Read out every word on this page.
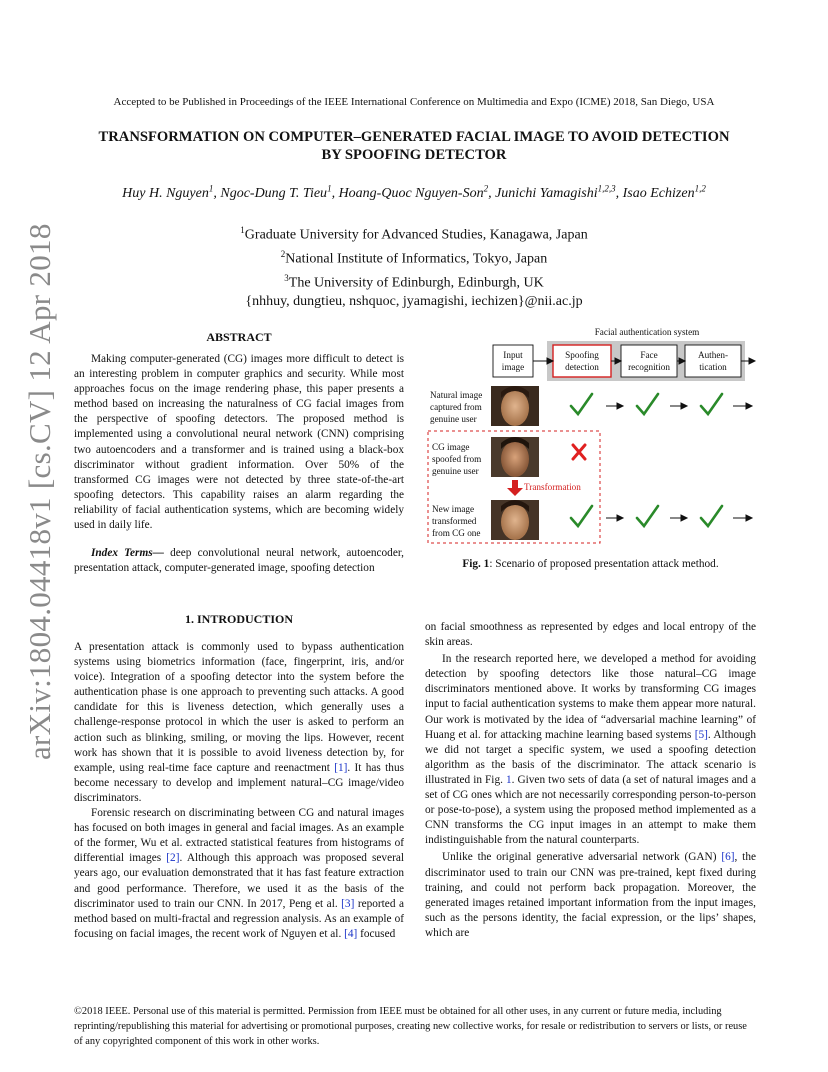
arXiv:1804.04418v1 [cs.CV] 12 Apr 2018
Accepted to be Published in Proceedings of the IEEE International Conference on Multimedia and Expo (ICME) 2018, San Diego, USA
TRANSFORMATION ON COMPUTER–GENERATED FACIAL IMAGE TO AVOID DETECTION
BY SPOOFING DETECTOR
Huy H. Nguyen$^1$, Ngoc-Dung T. Tieu$^1$, Hoang-Quoc Nguyen-Son$^2$, Junichi Yamagishi$^{1,2,3}$, Isao Echizen$^{1,2}$
$^1$Graduate University for Advanced Studies, Kanagawa, Japan
$^2$National Institute of Informatics, Tokyo, Japan
$^3$The University of Edinburgh, Edinburgh, UK
{nhhuy, dungtieu, nshquoc, jyamagishi, iechizen}@nii.ac.jp
ABSTRACT
Making computer-generated (CG) images more difficult to detect is an interesting problem in computer graphics and security. While most approaches focus on the image rendering phase, this paper presents a method based on increasing the naturalness of CG facial images from the perspective of spoofing detectors. The proposed method is implemented using a convolutional neural network (CNN) comprising two autoencoders and a transformer and is trained using a black-box discriminator without gradient information. Over 50% of the transformed CG images were not detected by three state-of-the-art spoofing detectors. This capability raises an alarm regarding the reliability of facial authentication systems, which are becoming widely used in daily life.
Index Terms— deep convolutional neural network, autoencoder, presentation attack, computer-generated image, spoofing detection
1. INTRODUCTION

A presentation attack is commonly used to bypass authentication systems using biometrics information (face, fingerprint, iris, and/or voice). Integration of a spoofing detector into the system before the authentication phase is one approach to preventing such attacks. A good candidate for this is liveness detection, which generally uses a challenge-response protocol in which the user is asked to perform an action such as blinking, smiling, or moving the lips. However, recent work has shown that it is possible to avoid liveness detection by, for example, using real-time face capture and reenactment [1]. It has thus become necessary to develop and implement natural–CG image/video discriminators.

Forensic research on discriminating between CG and natural images has focused on both images in general and facial images. As an example of the former, Wu et al. extracted statistical features from histograms of differential images [2]. Although this approach was proposed several years ago, our evaluation demonstrated that it has fast feature extraction and good performance. Therefore, we used it as the basis of the discriminator used to train our CNN. In 2017, Peng et al. [3] reported a method based on multi-fractal and regression analysis. As an example of focusing on facial images, the recent work of Nguyen et al. [4] focused

Facial authentication system
Input
image
Spoofing
detection
Face
recognition
Authen-
tication
Natural image
captured from
genuine user
CG image
spoofed from
genuine user
Transformation
New image
transformed
from CG one
Fig. 1: Scenario of proposed presentation attack method.

on facial smoothness as represented by edges and local entropy of the skin areas.

In the research reported here, we developed a method for avoiding detection by spoofing detectors like those natural–CG image discriminators mentioned above. It works by transforming CG images input to facial authentication systems to make them appear more natural. Our work is motivated by the idea of “adversarial machine learning” of Huang et al. for attacking machine learning based systems [5]. Although we did not target a specific system, we used a spoofing detection algorithm as the basis of the discriminator. The attack scenario is illustrated in Fig. 1. Given two sets of data (a set of natural images and a set of CG ones which are not necessarily corresponding person-to-person or pose-to-pose), a system using the proposed method implemented as a CNN transforms the CG input images in an attempt to make them indistinguishable from the natural counterparts.

Unlike the original generative adversarial network (GAN) [6], the discriminator used to train our CNN was pre-trained, kept fixed during training, and could not perform back propagation. Moreover, the generated images retained important information from the input images, such as the persons identity, the facial expression, or the lips’ shapes, which are

©2018 IEEE. Personal use of this material is permitted. Permission from IEEE must be obtained for all other uses, in any current or future media, including reprinting/republishing this material for advertising or promotional purposes, creating new collective works, for resale or redistribution to servers or lists, or reuse of any copyrighted component of this work in other works.
